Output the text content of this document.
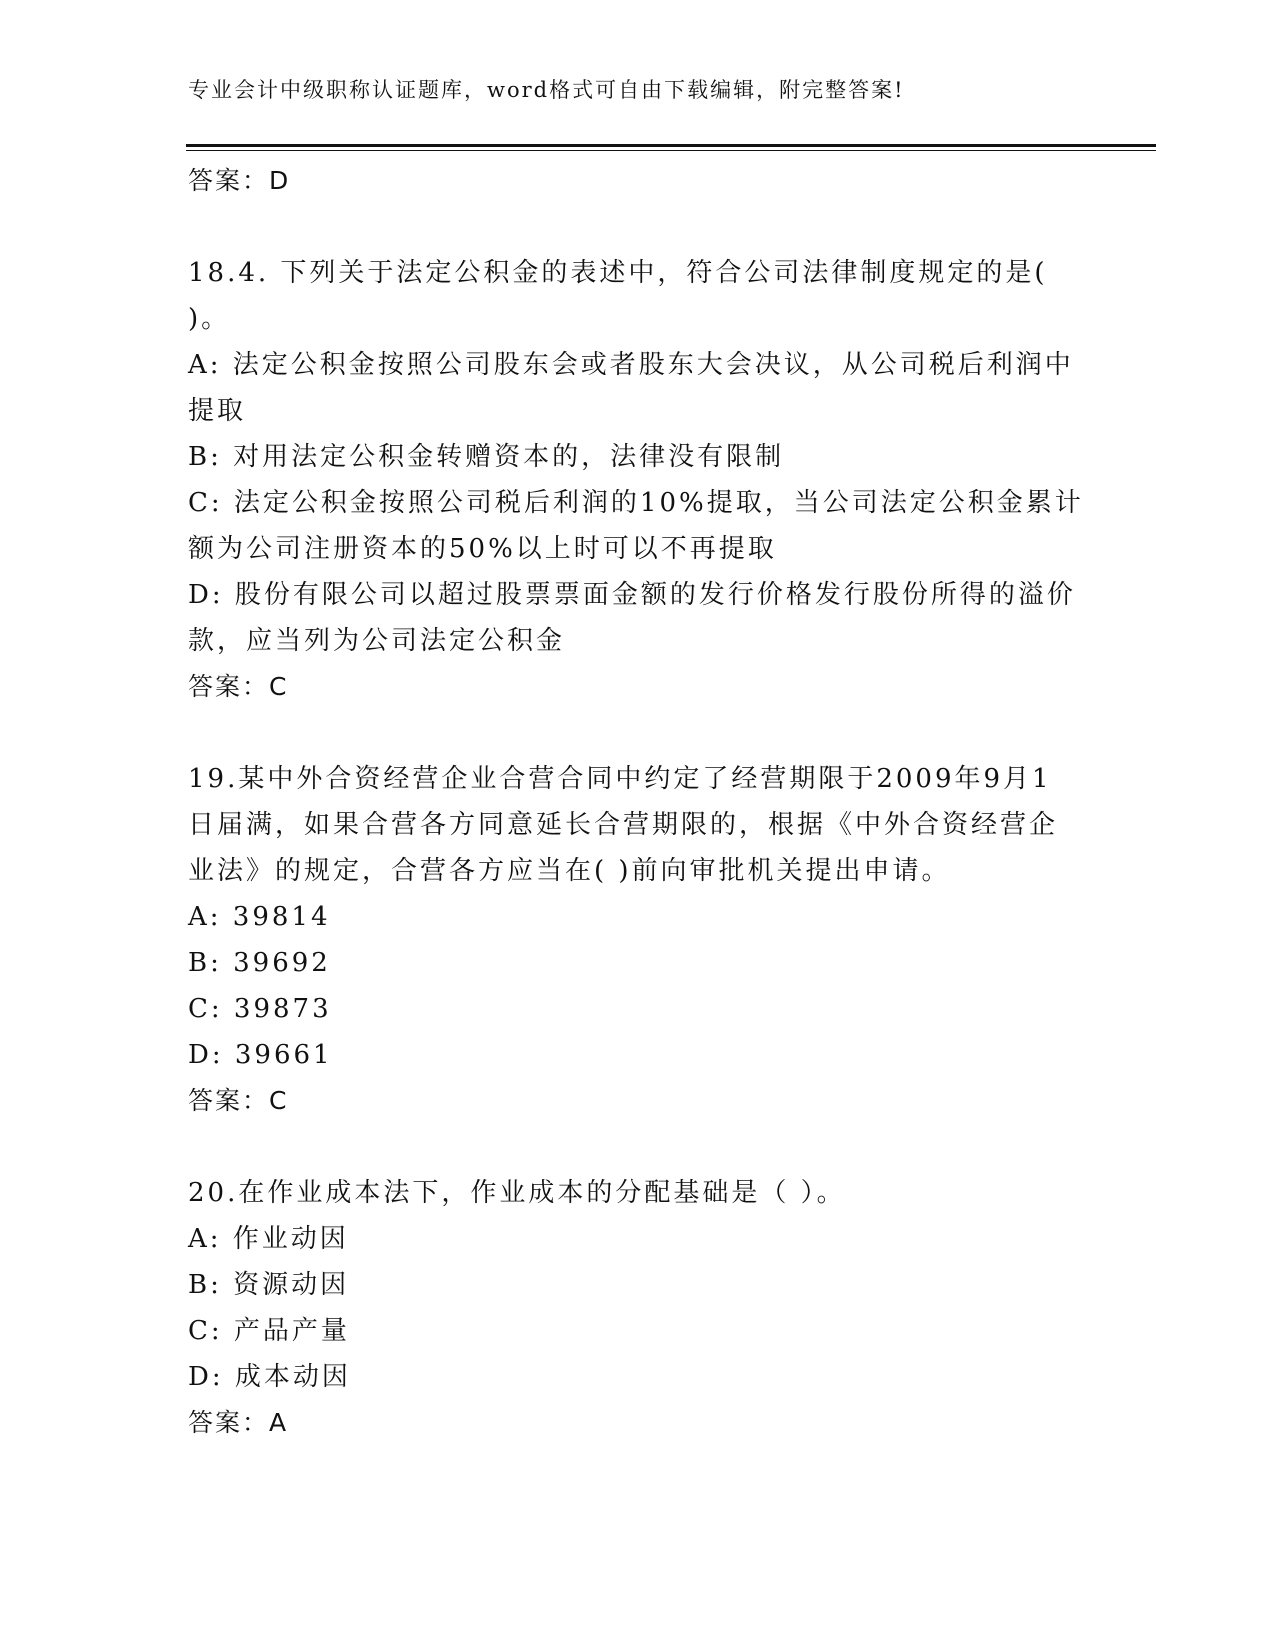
专业会计中级职称认证题库，word格式可自由下载编辑，附完整答案!
答案：D
18.4. 下列关于法定公积金的表述中，符合公司法律制度规定的是(
)。
A: 法定公积金按照公司股东会或者股东大会决议，从公司税后利润中
提取
B: 对用法定公积金转赠资本的，法律没有限制
C: 法定公积金按照公司税后利润的10%提取，当公司法定公积金累计
额为公司注册资本的50%以上时可以不再提取
D: 股份有限公司以超过股票票面金额的发行价格发行股份所得的溢价
款，应当列为公司法定公积金
答案：C
19.某中外合资经营企业合营合同中约定了经营期限于2009年9月1
日届满，如果合营各方同意延长合营期限的，根据《中外合资经营企
业法》的规定，合营各方应当在( )前向审批机关提出申请。
A: 39814
B: 39692
C: 39873
D: 39661
答案：C
20.在作业成本法下，作业成本的分配基础是（ ）。
A: 作业动因
B: 资源动因
C: 产品产量
D: 成本动因
答案：A
